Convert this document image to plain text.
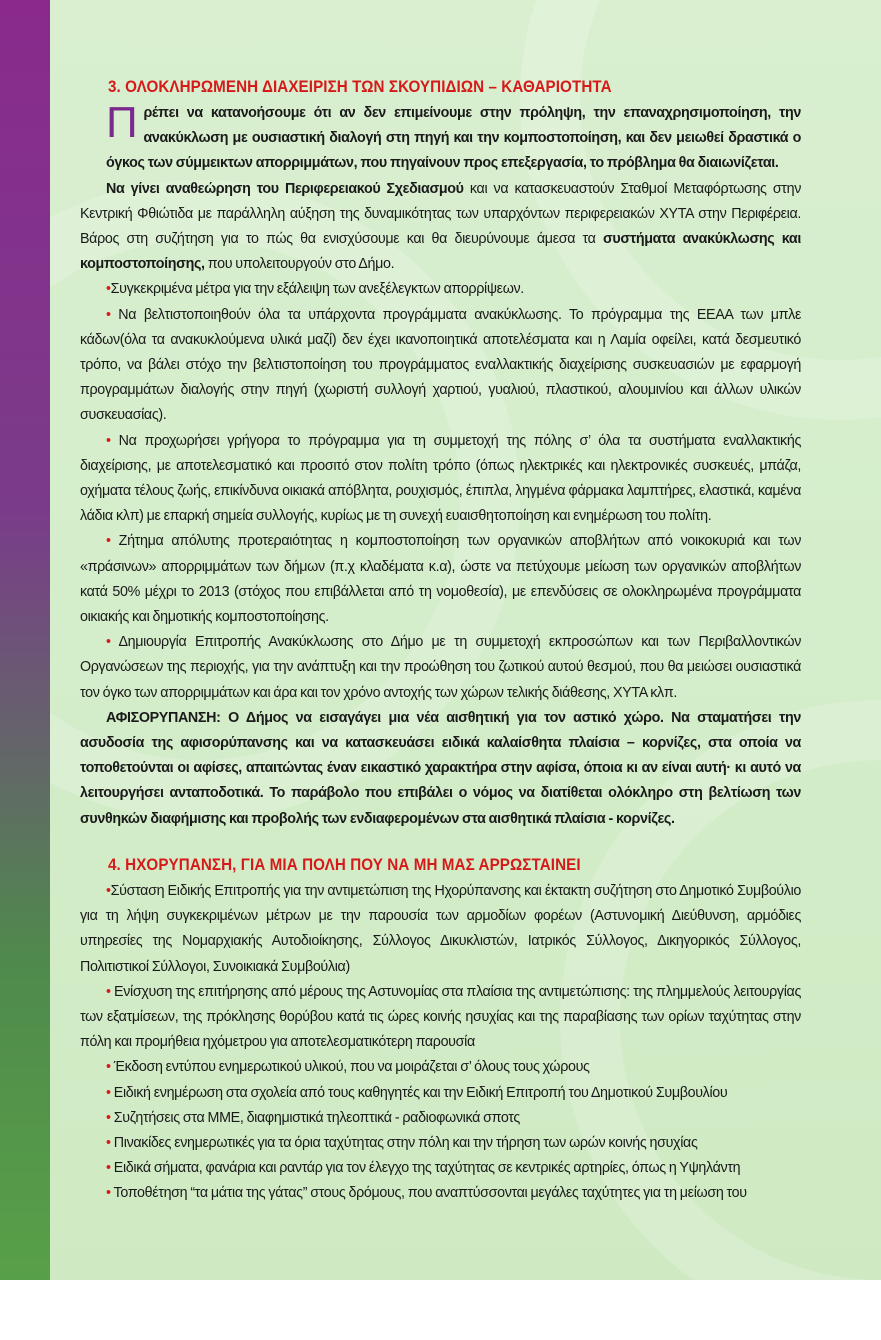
3. ΟΛΟΚΛΗΡΩΜΕΝΗ ΔΙΑΧΕΙΡΙΣΗ ΤΩΝ ΣΚΟΥΠΙΔΙΩΝ – ΚΑΘΑΡΙΟΤΗΤΑ

Πρέπει να κατανοήσουμε ότι αν δεν επιμείνουμε στην πρόληψη, την επαναχρησιμοποίηση, την ανακύκλωση με ουσιαστική διαλογή στη πηγή και την κομποστοποίηση, και δεν μειωθεί δραστικά ο όγκος των σύμμεικτων απορριμμάτων, που πηγαίνουν προς επεξεργασία, το πρόβλημα θα διαιωνίζεται.

Να γίνει αναθεώρηση του Περιφερειακού Σχεδιασμού και να κατασκευαστούν Σταθμοί Μεταφόρτωσης στην Κεντρική Φθιώτιδα με παράλληλη αύξηση της δυναμικότητας των υπαρχόντων περιφερειακών ΧΥΤΑ στην Περιφέρεια. Βάρος στη συζήτηση για το πώς θα ενισχύσουμε και θα διευρύνουμε άμεσα τα συστήματα ανακύκλωσης και κομποστοποίησης, που υπολειτουργούν στο Δήμο.

•Συγκεκριμένα μέτρα για την εξάλειψη των ανεξέλεγκτων απορρίψεων.

• Να βελτιστοποιηθούν όλα τα υπάρχοντα προγράμματα ανακύκλωσης. Το πρόγραμμα της ΕΕΑΑ των μπλε κάδων(όλα τα ανακυκλούμενα υλικά μαζί) δεν έχει ικανοποιητικά αποτελέσματα και η Λαμία οφείλει, κατά δεσμευτικό τρόπο, να βάλει στόχο την βελτιστοποίηση του προγράμματος εναλλακτικής διαχείρισης συσκευασιών με εφαρμογή προγραμμάτων διαλογής στην πηγή (χωριστή συλλογή χαρτιού, γυαλιού, πλαστικού, αλουμινίου και άλλων υλικών συσκευασίας).

• Να προχωρήσει γρήγορα το πρόγραμμα για τη συμμετοχή της πόλης σ’ όλα τα συστήματα εναλλακτικής διαχείρισης, με αποτελεσματικό και προσιτό στον πολίτη τρόπο (όπως ηλεκτρικές και ηλεκτρονικές συσκευές, μπάζα, οχήματα τέλους ζωής, επικίνδυνα οικιακά απόβλητα, ρουχισμός, έπιπλα, ληγμένα φάρμακα λαμπτήρες, ελαστικά, καμένα λάδια κλπ) με επαρκή σημεία συλλογής, κυρίως με τη συνεχή ευαισθητοποίηση και ενημέρωση του πολίτη.

• Ζήτημα απόλυτης προτεραιότητας η κομποστοποίηση των οργανικών αποβλήτων από νοικοκυριά και των «πράσινων» απορριμμάτων των δήμων (π.χ κλαδέματα κ.α), ώστε να πετύχουμε μείωση των οργανικών αποβλήτων κατά 50% μέχρι το 2013 (στόχος που επιβάλλεται από τη νομοθεσία), με επενδύσεις σε ολοκληρωμένα προγράμματα οικιακής και δημοτικής κομποστοποίησης.

• Δημιουργία Επιτροπής Ανακύκλωσης στο Δήμο με τη συμμετοχή εκπροσώπων και των Περιβαλλοντικών Οργανώσεων της περιοχής, για την ανάπτυξη και την προώθηση του ζωτικού αυτού θεσμού, που θα μειώσει ουσιαστικά τον όγκο των απορριμμάτων και άρα και τον χρόνο αντοχής των χώρων τελικής διάθεσης, ΧΥΤΑ κλπ.

ΑΦΙΣΟΡΥΠΑΝΣΗ: Ο Δήμος να εισαγάγει μια νέα αισθητική για τον αστικό χώρο. Να σταματήσει την ασυδοσία της αφισορύπανσης και να κατασκευάσει ειδικά καλαίσθητα πλαίσια – κορνίζες, στα οποία να τοποθετούνται οι αφίσες, απαιτώντας έναν εικαστικό χαρακτήρα στην αφίσα, όποια κι αν είναι αυτή· κι αυτό να λειτουργήσει ανταποδοτικά. Το παράβολο που επιβάλει ο νόμος να διατίθεται ολόκληρο στη βελτίωση των συνθηκών διαφήμισης και προβολής των ενδιαφερομένων στα αισθητικά πλαίσια - κορνίζες.

4. ΗΧΟΡΥΠΑΝΣΗ, ΓΙΑ ΜΙΑ ΠΟΛΗ ΠΟΥ ΝΑ ΜΗ ΜΑΣ ΑΡΡΩΣΤΑΙΝΕΙ

•Σύσταση Ειδικής Επιτροπής για την αντιμετώπιση της Ηχορύπανσης και έκτακτη συζήτηση στο Δημοτικό Συμβούλιο για τη λήψη συγκεκριμένων μέτρων με την παρουσία των αρμοδίων φορέων (Αστυνομική Διεύθυνση, αρμόδιες υπηρεσίες της Νομαρχιακής Αυτοδιοίκησης, Σύλλογος Δικυκλιστών, Ιατρικός Σύλλογος, Δικηγορικός Σύλλογος, Πολιτιστικοί Σύλλογοι, Συνοικιακά Συμβούλια)

• Ενίσχυση της επιτήρησης από μέρους της Αστυνομίας στα πλαίσια της αντιμετώπισης: της πλημμελούς λειτουργίας των εξατμίσεων, της πρόκλησης θορύβου κατά τις ώρες κοινής ησυχίας και της παραβίασης των ορίων ταχύτητας στην πόλη και προμήθεια ηχόμετρου για αποτελεσματικότερη παρουσία

• Έκδοση εντύπου ενημερωτικού υλικού, που να μοιράζεται σ’ όλους τους χώρους

• Ειδική ενημέρωση στα σχολεία από τους καθηγητές και την Ειδική Επιτροπή του Δημοτικού Συμβουλίου

• Συζητήσεις στα ΜΜΕ, διαφημιστικά τηλεοπτικά - ραδιοφωνικά σποτς

• Πινακίδες ενημερωτικές για τα όρια ταχύτητας στην πόλη και την τήρηση των ωρών κοινής ησυχίας

• Ειδικά σήματα, φανάρια και ραντάρ για τον έλεγχο της ταχύτητας σε κεντρικές αρτηρίες, όπως η Υψηλάντη

• Τοποθέτηση “τα μάτια της γάτας” στους δρόμους, που αναπτύσσονται μεγάλες ταχύτητες για τη μείωση του
